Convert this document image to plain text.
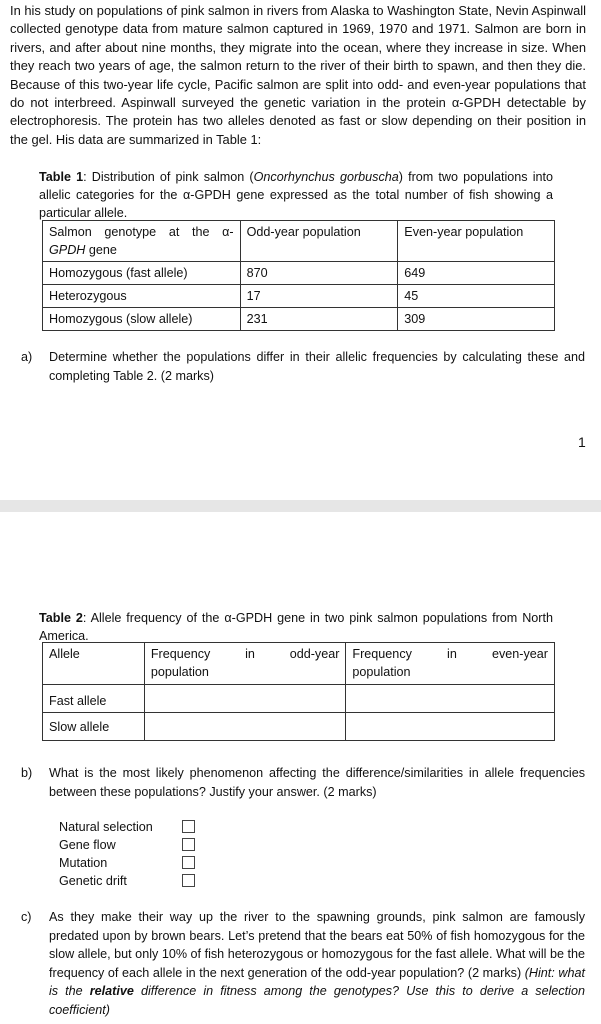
In his study on populations of pink salmon in rivers from Alaska to Washington State, Nevin Aspinwall collected genotype data from mature salmon captured in 1969, 1970 and 1971. Salmon are born in rivers, and after about nine months, they migrate into the ocean, where they increase in size. When they reach two years of age, the salmon return to the river of their birth to spawn, and then they die. Because of this two-year life cycle, Pacific salmon are split into odd- and even-year populations that do not interbreed. Aspinwall surveyed the genetic variation in the protein α-GPDH detectable by electrophoresis. The protein has two alleles denoted as fast or slow depending on their position in the gel. His data are summarized in Table 1:
Table 1: Distribution of pink salmon (Oncorhynchus gorbuscha) from two populations into allelic categories for the α-GPDH gene expressed as the total number of fish showing a particular allele.
Salmon genotype at the α- GPDH gene	Odd-year population	Even-year population
Homozygous (fast allele)	870	649
Heterozygous	17	45
Homozygous (slow allele)	231	309
a) Determine whether the populations differ in their allelic frequencies by calculating these and completing Table 2. (2 marks)
1
Table 2: Allele frequency of the α-GPDH gene in two pink salmon populations from North America.
Allele	Frequency in odd-year population	Frequency in even-year population
Fast allele		
Slow allele		
b) What is the most likely phenomenon affecting the difference/similarities in allele frequencies between these populations? Justify your answer. (2 marks)
Natural selection
Gene flow
Mutation
Genetic drift
c) As they make their way up the river to the spawning grounds, pink salmon are famously predated upon by brown bears. Let’s pretend that the bears eat 50% of fish homozygous for the slow allele, but only 10% of fish heterozygous or homozygous for the fast allele. What will be the frequency of each allele in the next generation of the odd-year population? (2 marks) (Hint: what is the relative difference in fitness among the genotypes? Use this to derive a selection coefficient)
